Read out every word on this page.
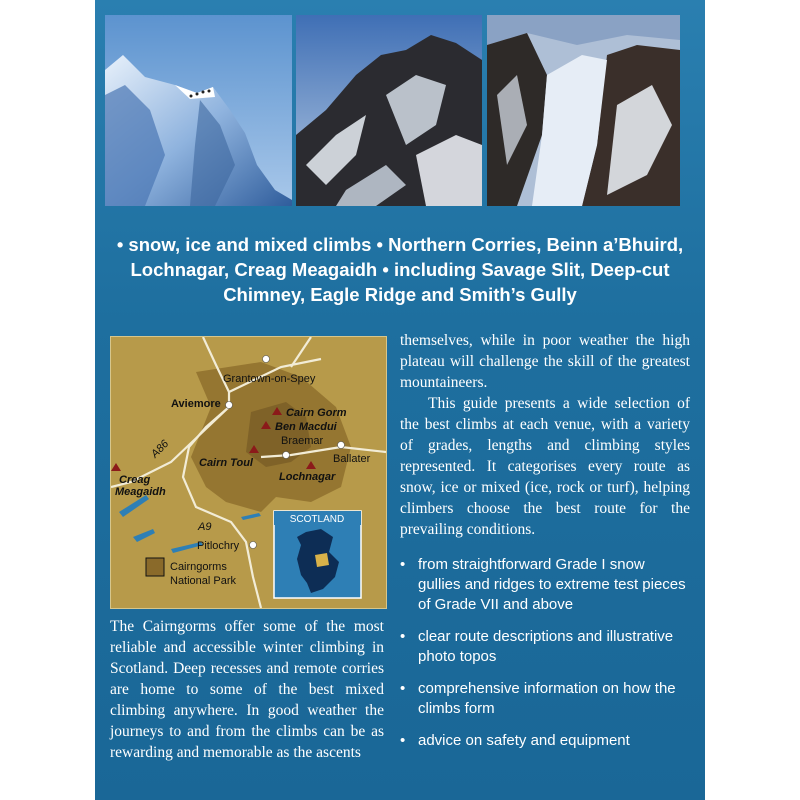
• snow, ice and mixed climbs • Northern Corries, Beinn a’Bhuird, Lochnagar, Creag Meagaidh • including Savage Slit, Deep-cut Chimney, Eagle Ridge and Smith’s Gully
Grantown-on-Spey
Aviemore
Cairn Gorm
Ben Macdui
Braemar
Ballater
Cairn Toul
Lochnagar
Creag
Meagaidh
A86
A9
Pitlochry
Cairngorms
National Park
SCOTLAND
The Cairngorms offer some of the most reliable and accessible winter climbing in Scotland. Deep recesses and remote corries are home to some of the best mixed climbing anywhere. In good weather the journeys to and from the climbs can be as rewarding and memorable as the ascents

themselves, while in poor weather the high plateau will challenge the skill of the greatest mountaineers.

This guide presents a wide selection of the best climbs at each venue, with a variety of grades, lengths and climbing styles represented. It categorises every route as snow, ice or mixed (ice, rock or turf), helping climbers choose the best route for the prevailing conditions.

• from straightforward Grade I snow gullies and ridges to extreme test pieces of Grade VII and above
• clear route descriptions and illustrative photo topos
• comprehensive information on how the climbs form
• advice on safety and equipment
